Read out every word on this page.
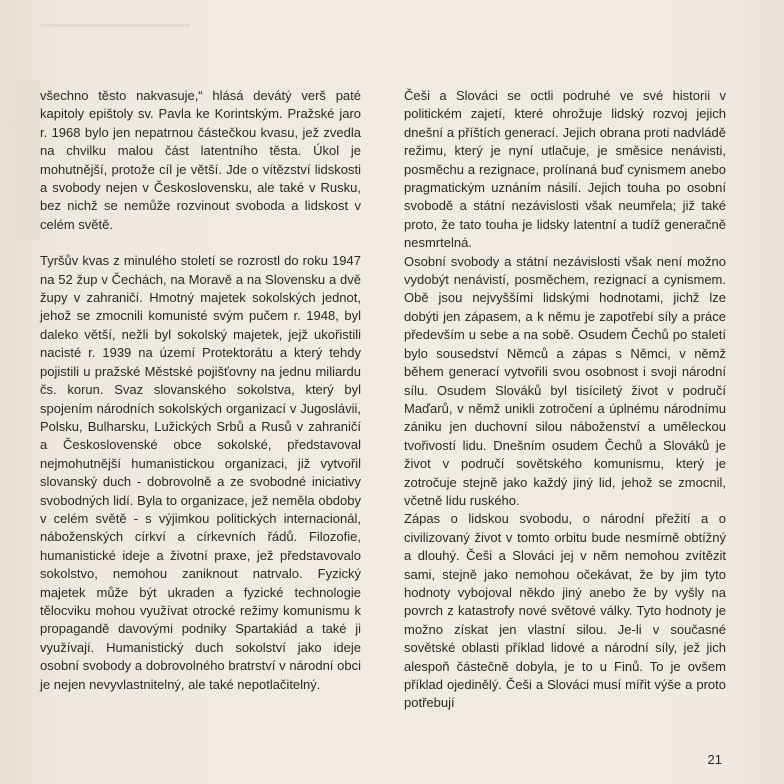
všechno těsto nakvasuje,“ hlásá devátý verš paté kapitoly epištoly sv. Pavla ke Korintským. Pražské jaro r. 1968 bylo jen nepatrnou částečkou kvasu, jež zvedla na chvilku malou část latentního těsta. Úkol je mohutnější, protože cíl je větší. Jde o vítězství lidskosti a svobody nejen v Československu, ale také v Rusku, bez nichž se nemůže rozvinout svoboda a lidskost v celém světě.

Tyršův kvas z minulého století se rozrostl do roku 1947 na 52 žup v Čechách, na Moravě a na Slovensku a dvě župy v zahraničí. Hmotný majetek sokolských jednot, jehož se zmocnili komunisté svým pučem r. 1948, byl daleko větší, nežli byl sokolský majetek, jejž ukořistili nacisté r. 1939 na území Protektorátu a který tehdy pojistili u pražské Městské pojišťovny na jednu miliardu čs. korun. Svaz slovanského sokolstva, který byl spojením národních sokolských organizací v Jugoslávii, Polsku, Bulharsku, Lužických Srbů a Rusů v zahraničí a Československé obce sokolské, představoval nejmohutnější humanistickou organizaci, již vytvořil slovanský duch - dobrovolně a ze svobodné iniciativy svobodných lidí. Byla to organizace, jež neměla obdoby v celém světě - s výjimkou politických internacionál, náboženských církví a církevních řádů. Filozofie, humanistické ideje a životní praxe, jež představovalo sokolstvo, nemohou zaniknout natrvalo. Fyzický majetek může být ukraden a fyzické technologie tělocviku mohou využívat otrocké režimy komunismu k propagandě davovými podniky Spartakiád a také ji využívají. Humanistický duch sokolství jako ideje osobní svobody a dobrovolného bratrství v národní obci je nejen nevyvlastnitelný, ale také nepotlačitelný.

Češi a Slováci se octli podruhé ve své historii v politickém zajetí, které ohrožuje lidský rozvoj jejich dnešní a příštích generací. Jejich obrana proti nadvládě režimu, který je nyní utlačuje, je směsice nenávisti, posměchu a rezignace, prolínaná buď cynismem anebo pragmatickým uznáním násilí. Jejich touha po osobní svobodě a státní nezávislosti však neumřela; již také proto, že tato touha je lidsky latentní a tudíž generačně nesmrtelná.

Osobní svobody a státní nezávislosti však není možno vydobýt nenávistí, posměchem, rezignací a cynismem. Obě jsou nejvyššími lidskými hodnotami, jichž lze dobýti jen zápasem, a k němu je zapotřebí síly a práce především u sebe a na sobě. Osudem Čechů po staletí bylo sousedství Němců a zápas s Němci, v němž během generací vytvořili svou osobnost i svoji národní sílu. Osudem Slováků byl tisíciletý život v područí Maďarů, v němž unikli zotročení a úplnému národnímu zániku jen duchovní silou náboženství a uměleckou tvořivostí lidu. Dnešním osudem Čechů a Slováků je život v područí sovětského komunismu, který je zotročuje stejně jako každý jiný lid, jehož se zmocnil, včetně lidu ruského.

Zápas o lidskou svobodu, o národní přežití a o civilizovaný život v tomto orbitu bude nesmírně obtížný a dlouhý. Češi a Slováci jej v něm nemohou zvítězit sami, stejně jako nemohou očekávat, že by jim tyto hodnoty vybojoval někdo jiný anebo že by vyšly na povrch z katastrofy nové světové války. Tyto hodnoty je možno získat jen vlastní silou. Je-li v současné sovětské oblasti příklad lidové a národní síly, jež jich alespoň částečně dobyla, je to u Finů. To je ovšem příklad ojedinělý. Češi a Slováci musí mířit výše a proto potřebují

21
